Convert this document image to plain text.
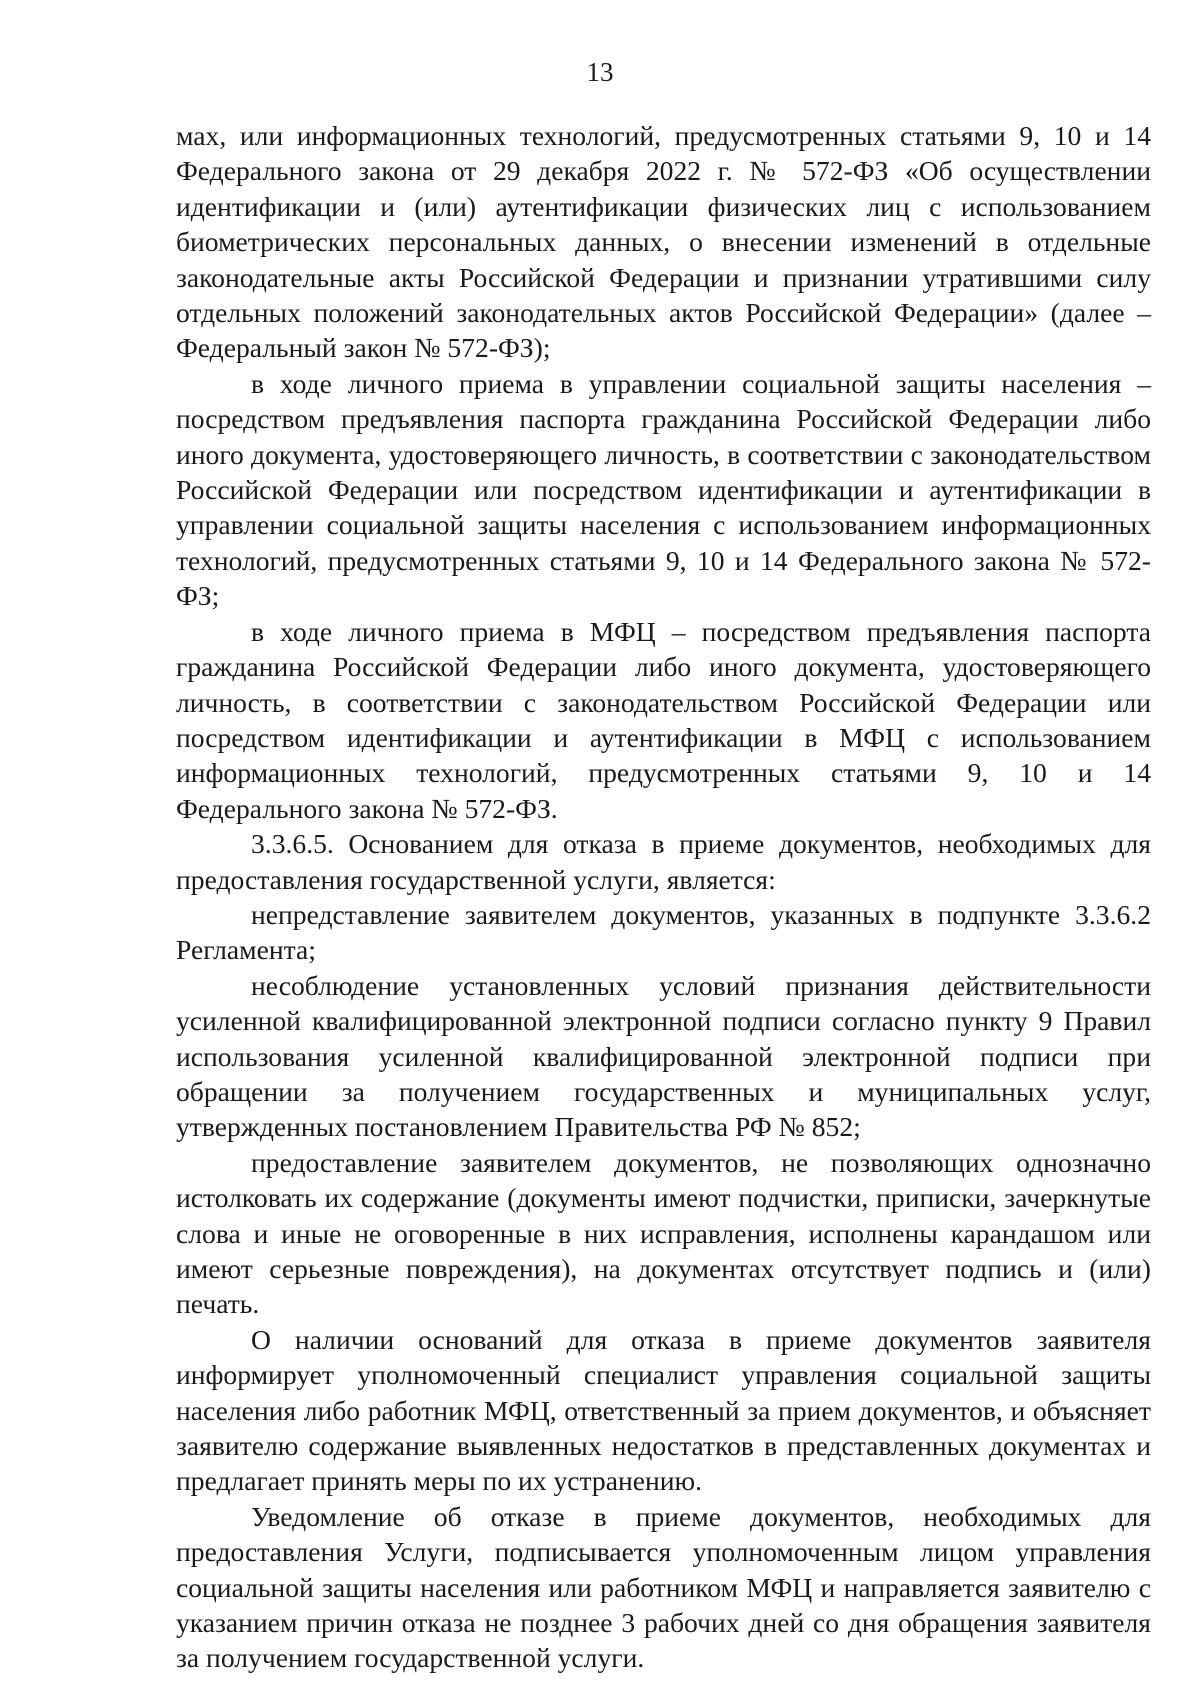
13

мах, или информационных технологий, предусмотренных статьями 9, 10 и 14 Федерального закона от 29 декабря 2022 г. № 572-ФЗ «Об осуществлении идентификации и (или) аутентификации физических лиц с использованием биометрических персональных данных, о внесении изменений в отдельные законодательные акты Российской Федерации и признании утратившими силу отдельных положений законодательных актов Российской Федерации» (далее – Федеральный закон № 572-ФЗ);

в ходе личного приема в управлении социальной защиты населения – посредством предъявления паспорта гражданина Российской Федерации либо иного документа, удостоверяющего личность, в соответствии с законодательством Российской Федерации или посредством идентификации и аутентификации в управлении социальной защиты населения с использованием информационных технологий, предусмотренных статьями 9, 10 и 14 Федерального закона № 572-ФЗ;

в ходе личного приема в МФЦ – посредством предъявления паспорта гражданина Российской Федерации либо иного документа, удостоверяющего личность, в соответствии с законодательством Российской Федерации или посредством идентификации и аутентификации в МФЦ с использованием информационных технологий, предусмотренных статьями 9, 10 и 14 Федерального закона № 572-ФЗ.

3.3.6.5. Основанием для отказа в приеме документов, необходимых для предоставления государственной услуги, является:

непредставление заявителем документов, указанных в подпункте 3.3.6.2 Регламента;

несоблюдение установленных условий признания действительности усиленной квалифицированной электронной подписи согласно пункту 9 Правил использования усиленной квалифицированной электронной подписи при обращении за получением государственных и муниципальных услуг, утвержденных постановлением Правительства РФ № 852;

предоставление заявителем документов, не позволяющих однозначно истолковать их содержание (документы имеют подчистки, приписки, зачеркнутые слова и иные не оговоренные в них исправления, исполнены карандашом или имеют серьезные повреждения), на документах отсутствует подпись и (или) печать.

О наличии оснований для отказа в приеме документов заявителя информирует уполномоченный специалист управления социальной защиты населения либо работник МФЦ, ответственный за прием документов, и объясняет заявителю содержание выявленных недостатков в представленных документах и предлагает принять меры по их устранению.

Уведомление об отказе в приеме документов, необходимых для предоставления Услуги, подписывается уполномоченным лицом управления социальной защиты населения или работником МФЦ и направляется заявителю с указанием причин отказа не позднее 3 рабочих дней со дня обращения заявителя за получением государственной услуги.
